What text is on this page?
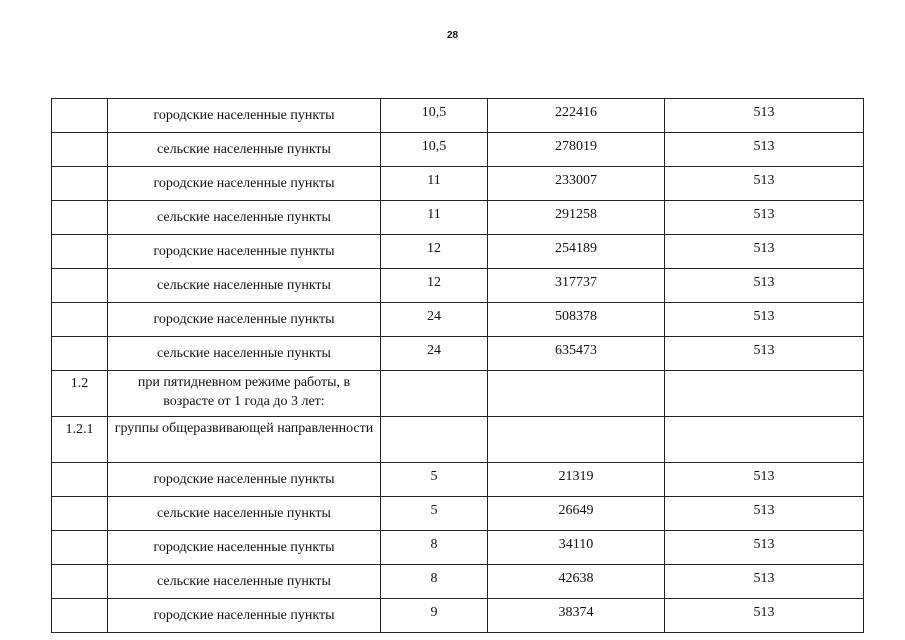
28
	городские населенные пункты	10,5	222416	513
	сельские населенные пункты	10,5	278019	513
	городские населенные пункты	11	233007	513
	сельские населенные пункты	11	291258	513
	городские населенные пункты	12	254189	513
	сельские населенные пункты	12	317737	513
	городские населенные пункты	24	508378	513
	сельские населенные пункты	24	635473	513
1.2	при пятидневном режиме работы, в возрасте от 1 года до 3 лет:			
1.2.1	группы общеразвивающей направленности			
	городские населенные пункты	5	21319	513
	сельские населенные пункты	5	26649	513
	городские населенные пункты	8	34110	513
	сельские населенные пункты	8	42638	513
	городские населенные пункты	9	38374	513
